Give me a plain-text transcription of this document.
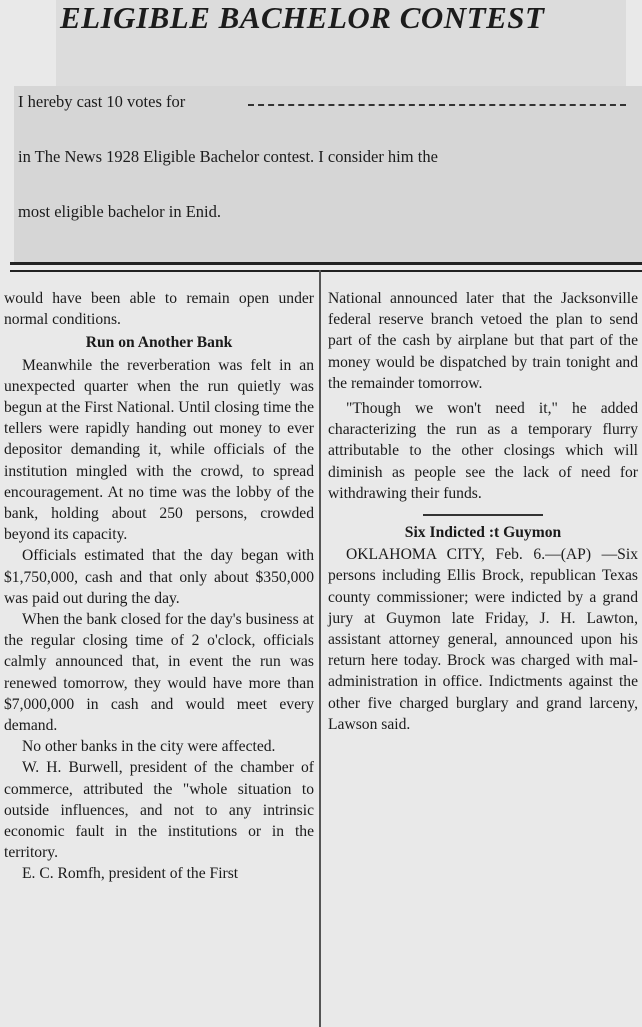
ELIGIBLE BACHELOR CONTEST
I hereby cast 10 votes for
in The News 1928 Eligible Bachelor contest. I consider him the
most eligible bachelor in Enid.

would have been able to remain open under normal conditions.

Run on Another Bank

Meanwhile the reverberation was felt in an unexpected quarter when the run quietly was begun at the First National. Until closing time the tellers were rapidly handing out money to ever depositor demanding it, while officials of the institution mingled with the crowd, to spread encouragement. At no time was the lobby of the bank, holding about 250 persons, crowded beyond its capacity.

Officials estimated that the day began with $1,750,000, cash and that only about $350,000 was paid out during the day.

When the bank closed for the day's business at the regular closing time of 2 o'clock, officials calmly announced that, in event the run was renewed tomorrow, they would have more than $7,000,000 in cash and would meet every demand.

No other banks in the city were affected.

W. H. Burwell, president of the chamber of commerce, attributed the "whole situation to outside influences, and not to any intrinsic economic fault in the institutions or in the territory.

E. C. Romfh, president of the First

National announced later that the Jacksonville federal reserve branch vetoed the plan to send part of the cash by airplane but that part of the money would be dispatched by train tonight and the remainder tomorrow.

"Though we won't need it," he added characterizing the run as a temporary flurry attributable to the other closings which will diminish as people see the lack of need for withdrawing their funds.

Six Indicted :t Guymon

OKLAHOMA CITY, Feb. 6.—(AP) —Six persons including Ellis Brock, republican Texas county commissioner; were indicted by a grand jury at Guymon late Friday, J. H. Lawton, assistant attorney general, announced upon his return here today. Brock was charged with mal-administration in office. Indictments against the other five charged burglary and grand larceny, Lawson said.
